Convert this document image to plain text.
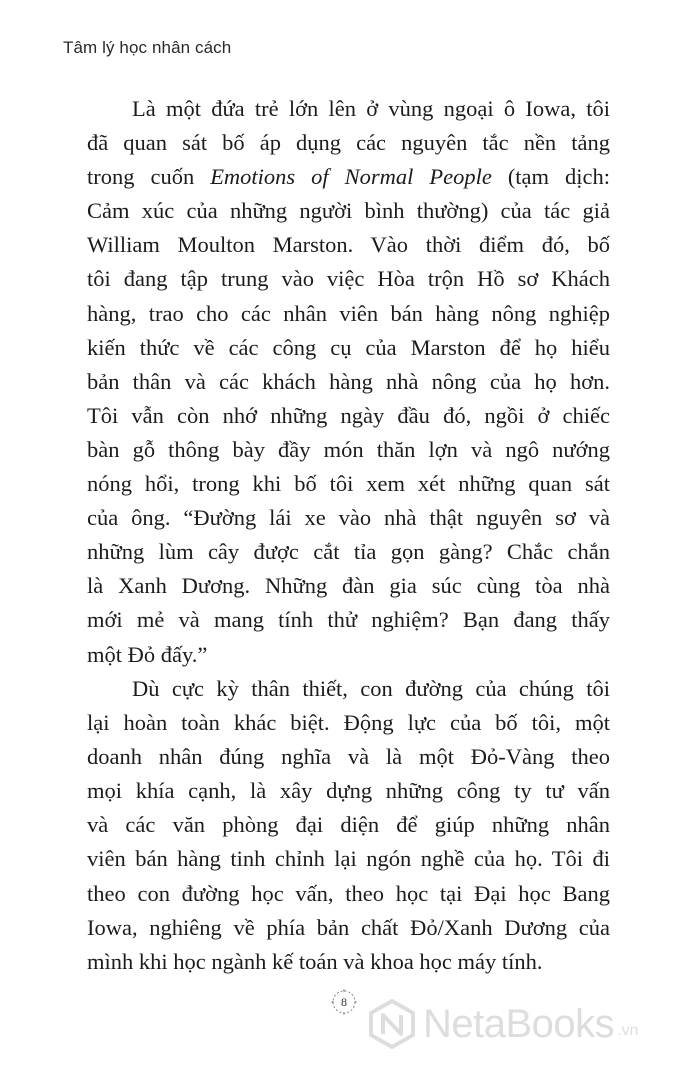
Tâm lý học nhân cách

Là một đứa trẻ lớn lên ở vùng ngoại ô Iowa, tôi
đã quan sát bố áp dụng các nguyên tắc nền tảng
trong cuốn Emotions of Normal People (tạm dịch:
Cảm xúc của những người bình thường) của tác giả
William Moulton Marston. Vào thời điểm đó, bố
tôi đang tập trung vào việc Hòa trộn Hồ sơ Khách
hàng, trao cho các nhân viên bán hàng nông nghiệp
kiến thức về các công cụ của Marston để họ hiểu
bản thân và các khách hàng nhà nông của họ hơn.
Tôi vẫn còn nhớ những ngày đầu đó, ngồi ở chiếc
bàn gỗ thông bày đầy món thăn lợn và ngô nướng
nóng hổi, trong khi bố tôi xem xét những quan sát
của ông. “Đường lái xe vào nhà thật nguyên sơ và
những lùm cây được cắt tỉa gọn gàng? Chắc chắn
là Xanh Dương. Những đàn gia súc cùng tòa nhà
mới mẻ và mang tính thử nghiệm? Bạn đang thấy
một Đỏ đấy.”

Dù cực kỳ thân thiết, con đường của chúng tôi
lại hoàn toàn khác biệt. Động lực của bố tôi, một
doanh nhân đúng nghĩa và là một Đỏ-Vàng theo
mọi khía cạnh, là xây dựng những công ty tư vấn
và các văn phòng đại diện để giúp những nhân
viên bán hàng tinh chỉnh lại ngón nghề của họ. Tôi đi
theo con đường học vấn, theo học tại Đại học Bang
Iowa, nghiêng về phía bản chất Đỏ/Xanh Dương của
mình khi học ngành kế toán và khoa học máy tính.

8 NetaBooks .vn
